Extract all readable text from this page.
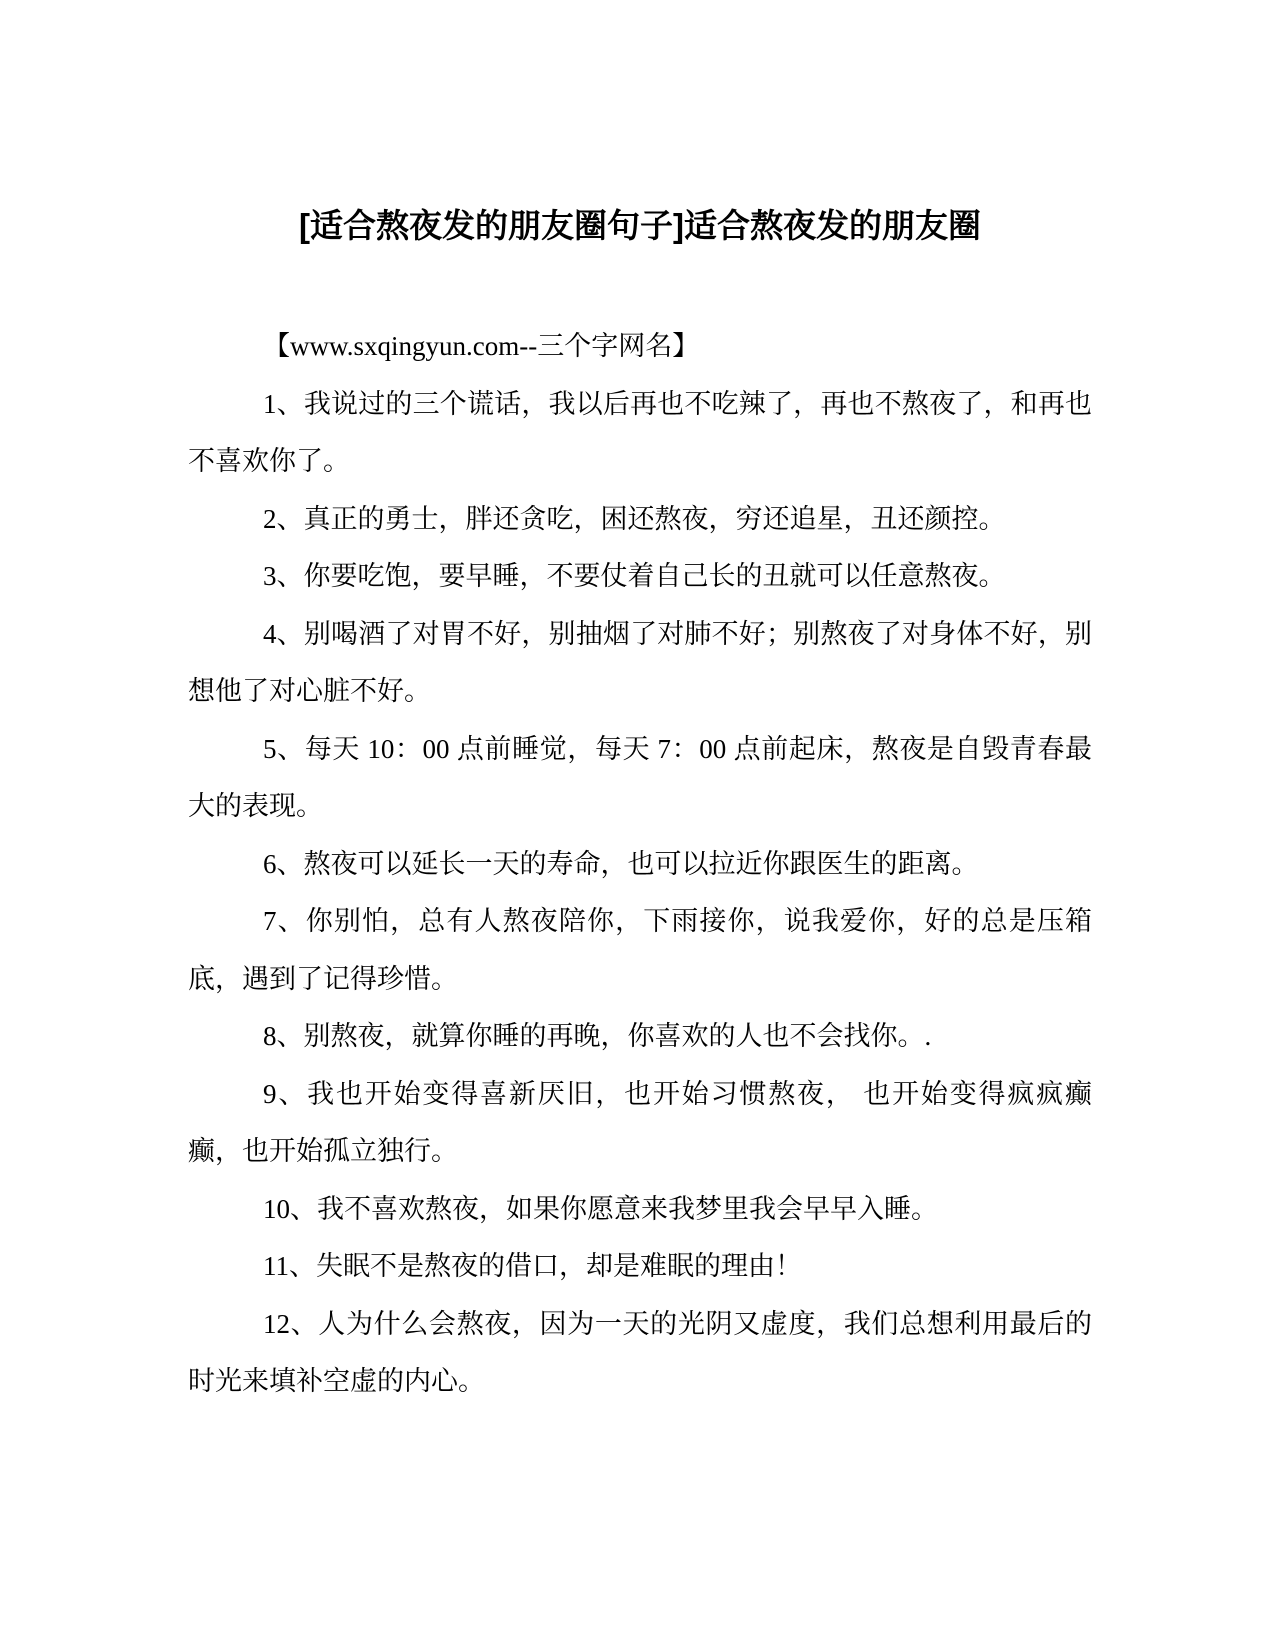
[适合熬夜发的朋友圈句子]适合熬夜发的朋友圈

【www.sxqingyun.com--三个字网名】

1、我说过的三个谎话，我以后再也不吃辣了，再也不熬夜了，和再也不喜欢你了。

2、真正的勇士，胖还贪吃，困还熬夜，穷还追星，丑还颜控。

3、你要吃饱，要早睡，不要仗着自己长的丑就可以任意熬夜。

4、别喝酒了对胃不好，别抽烟了对肺不好；别熬夜了对身体不好，别想他了对心脏不好。

5、每天 10：00 点前睡觉，每天 7：00 点前起床，熬夜是自毁青春最大的表现。

6、熬夜可以延长一天的寿命，也可以拉近你跟医生的距离。

7、你别怕，总有人熬夜陪你，下雨接你，说我爱你，好的总是压箱底，遇到了记得珍惜。

8、别熬夜，就算你睡的再晚，你喜欢的人也不会找你。.

9、我也开始变得喜新厌旧，也开始习惯熬夜， 也开始变得疯疯癫癫，也开始孤立独行。

10、我不喜欢熬夜，如果你愿意来我梦里我会早早入睡。

11、失眠不是熬夜的借口，却是难眠的理由！

12、人为什么会熬夜，因为一天的光阴又虚度，我们总想利用最后的时光来填补空虚的内心。
